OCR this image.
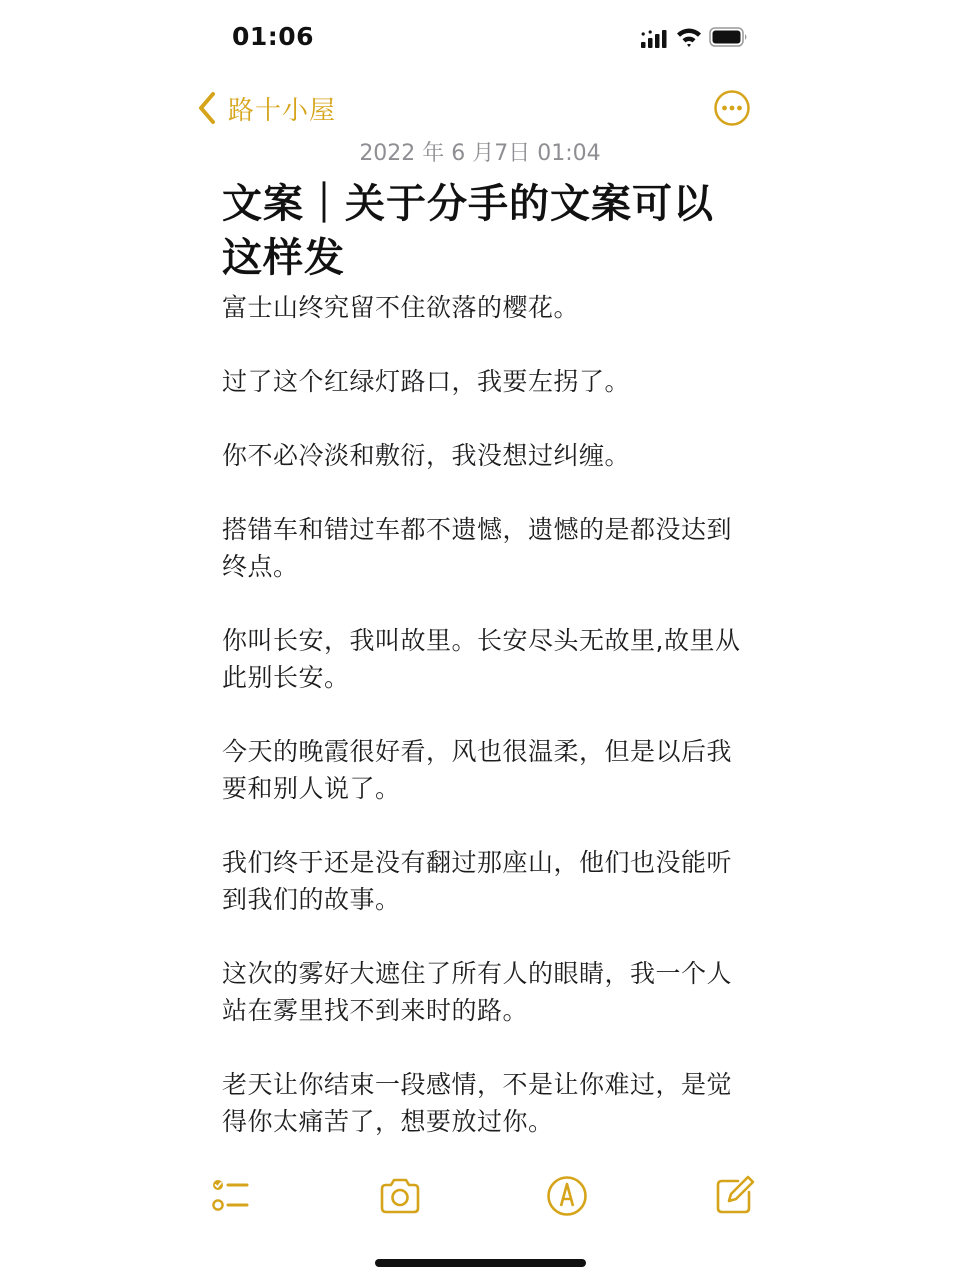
01:06
路十小屋
2022 年 6 月7日 01:04
文案｜关于分手的文案可以这样发

富士山终究留不住欲落的樱花。

过了这个红绿灯路口，我要左拐了。

你不必冷淡和敷衍，我没想过纠缠。

搭错车和错过车都不遗憾，遗憾的是都没达到终点。

你叫长安，我叫故里。长安尽头无故里,故里从此别长安。

今天的晚霞很好看，风也很温柔，但是以后我要和别人说了。

我们终于还是没有翻过那座山，他们也没能听到我们的故事。

这次的雾好大遮住了所有人的眼睛，我一个人站在雾里找不到来时的路。

老天让你结束一段感情，不是让你难过，是觉得你太痛苦了，想要放过你。
